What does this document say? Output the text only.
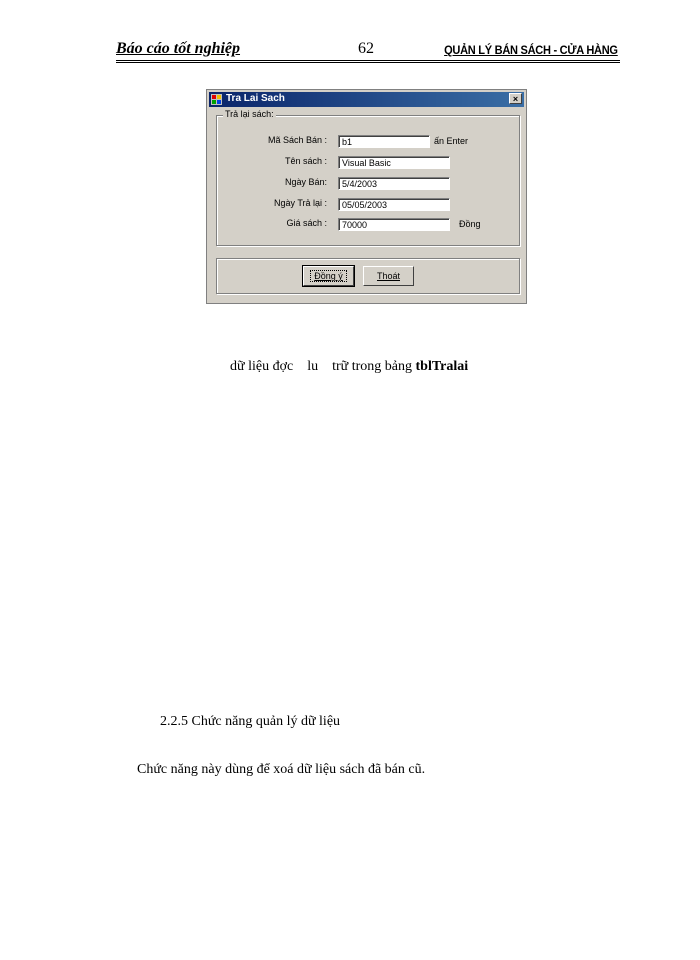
Báo cáo tốt nghiệp	62	QUẢN LÝ BÁN SÁCH - CỬA HÀNG
Tra Lai Sach	×
Trả lại sách:
Mã Sách Bán :	b1	ấn Enter
Tên sách :	Visual Basic
Ngày Bán:	5/4/2003
Ngày Trả lại :	05/05/2003
Giá sách :	70000	Đồng
Đồng ý	Thoát
dữ liệu đợc    lu    trữ trong bảng tblTralai
2.2.5 Chức năng quản lý dữ liệu
Chức năng này dùng để xoá dữ liệu sách đã bán cũ.
